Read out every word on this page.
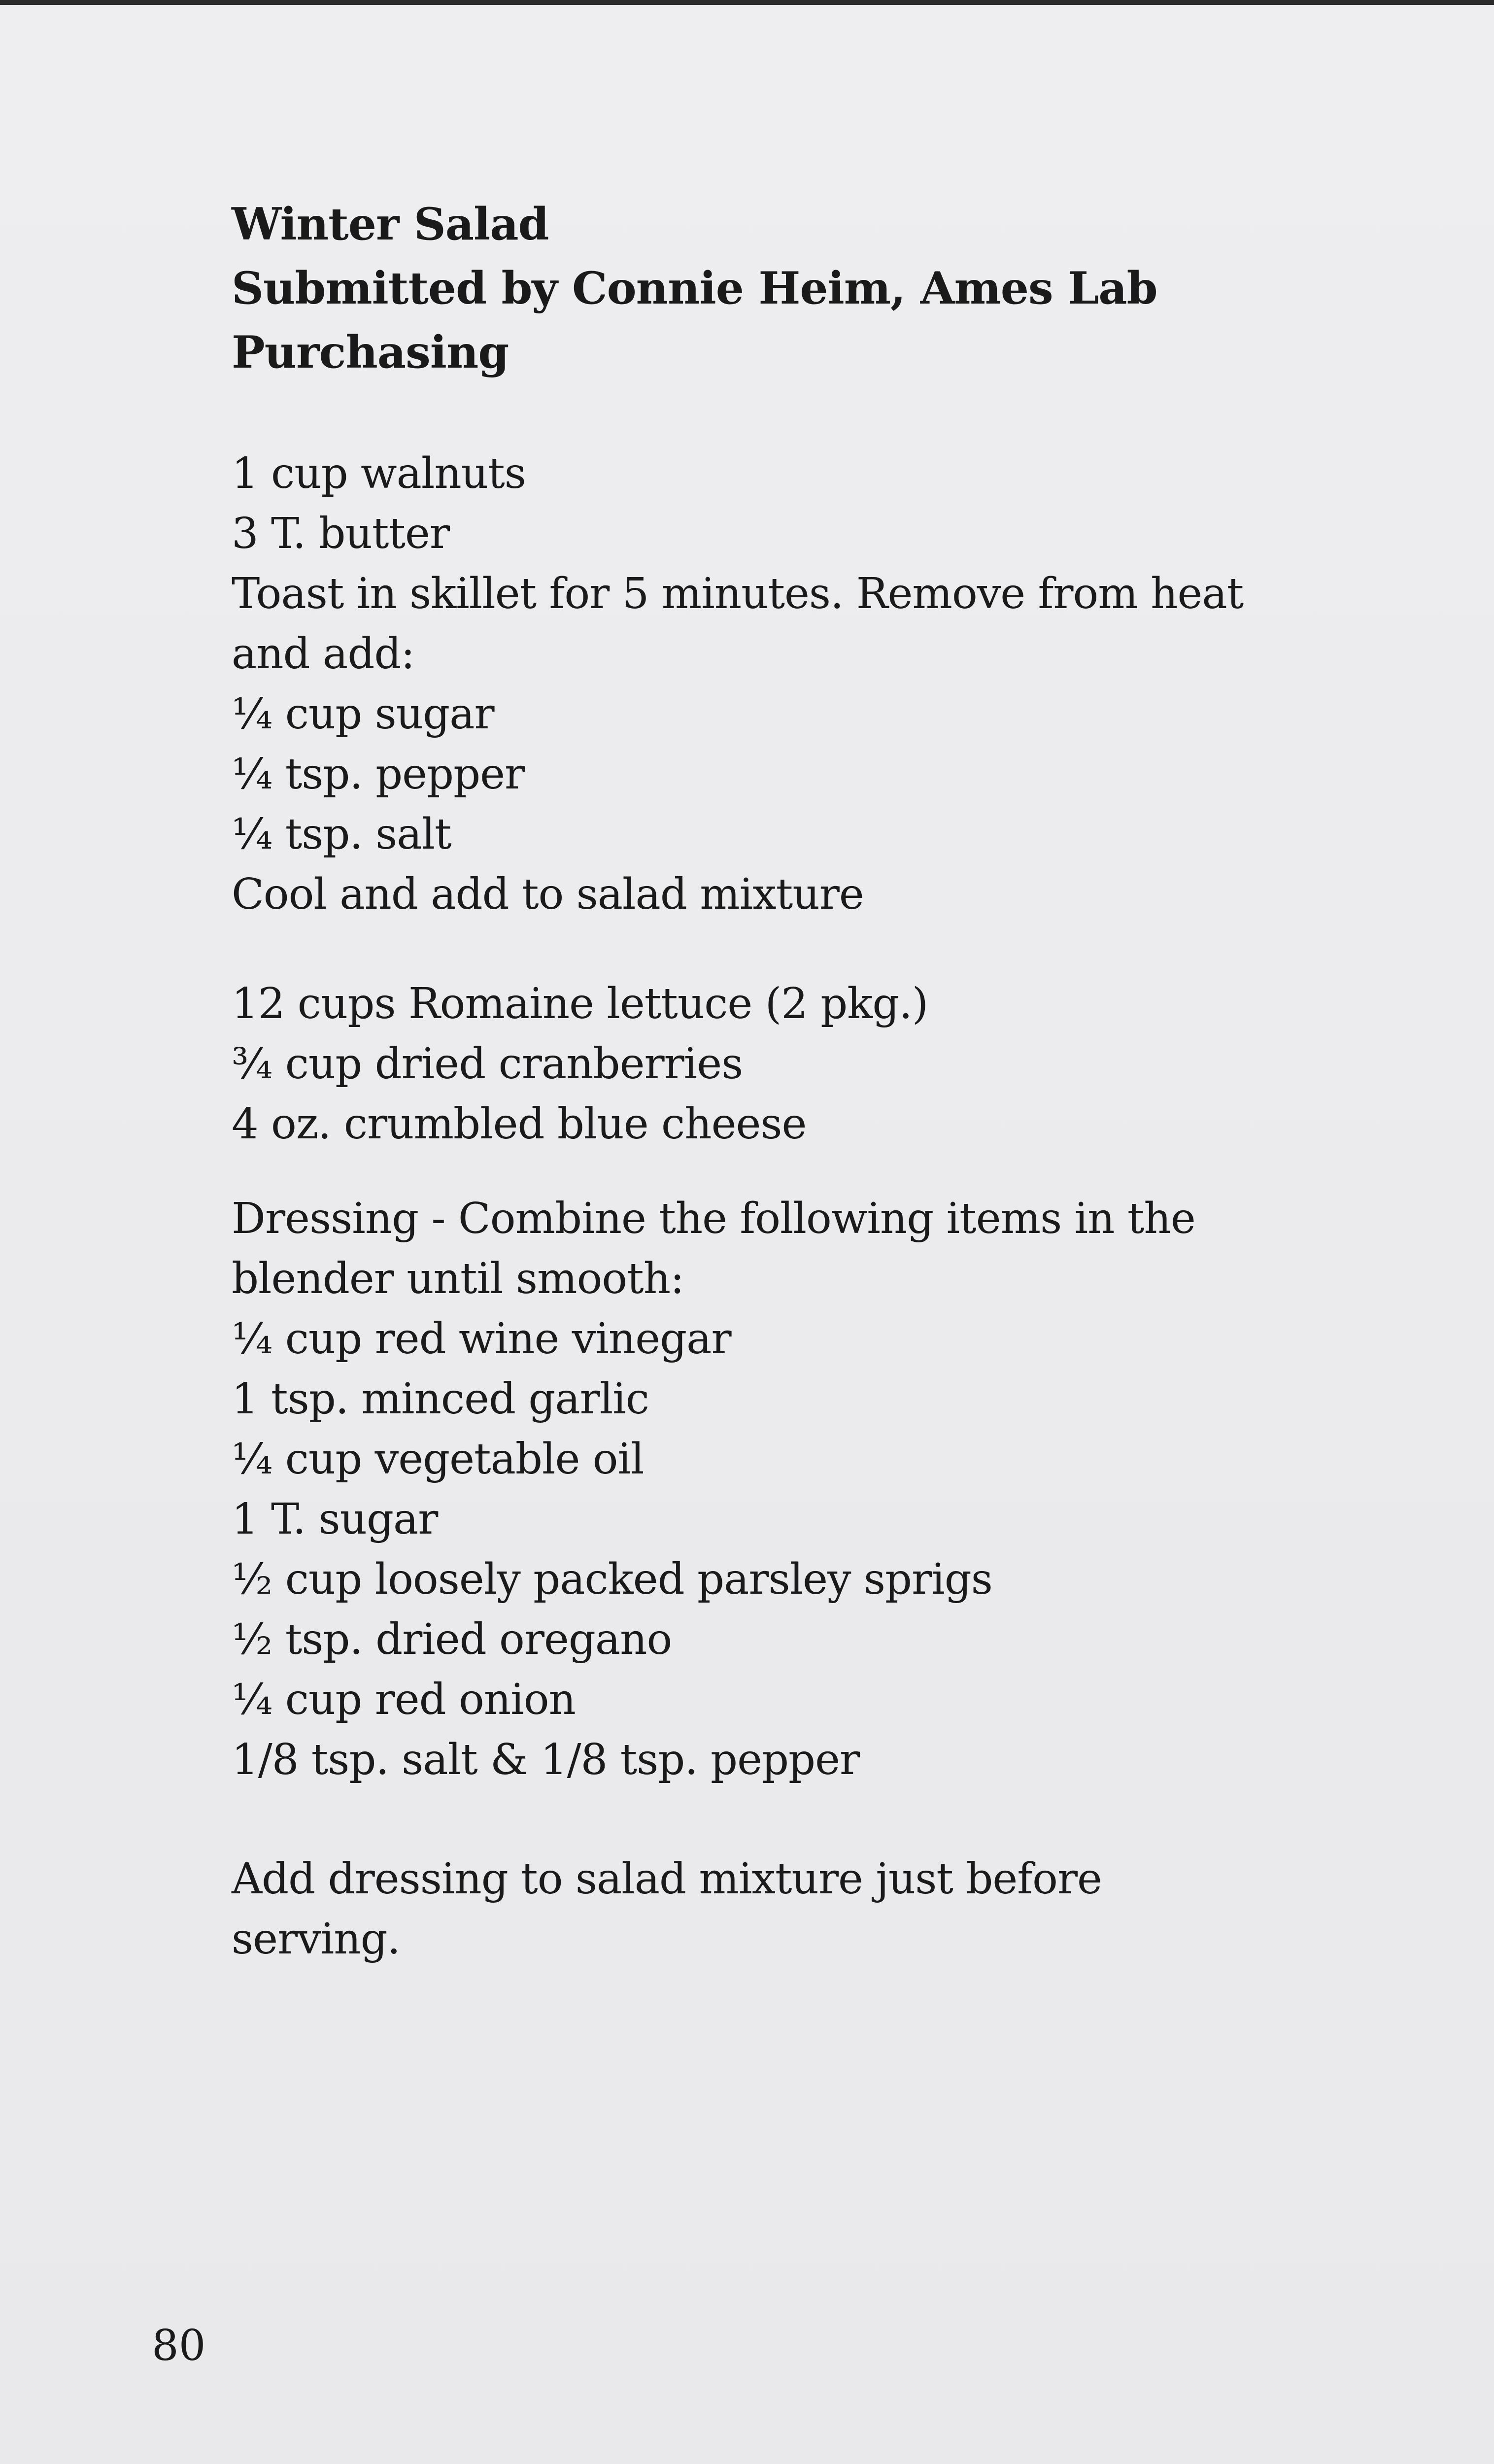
Winter Salad
Submitted by Connie Heim, Ames Lab
Purchasing
1 cup walnuts
3 T. butter
Toast in skillet for 5 minutes. Remove from heat
and add:
¼ cup sugar
¼ tsp. pepper
¼ tsp. salt
Cool and add to salad mixture
12 cups Romaine lettuce (2 pkg.)
¾ cup dried cranberries
4 oz. crumbled blue cheese
Dressing - Combine the following items in the
blender until smooth:
¼ cup red wine vinegar
1 tsp. minced garlic
¼ cup vegetable oil
1 T. sugar
½ cup loosely packed parsley sprigs
½ tsp. dried oregano
¼ cup red onion
1/8 tsp. salt & 1/8 tsp. pepper
Add dressing to salad mixture just before
serving.
80
